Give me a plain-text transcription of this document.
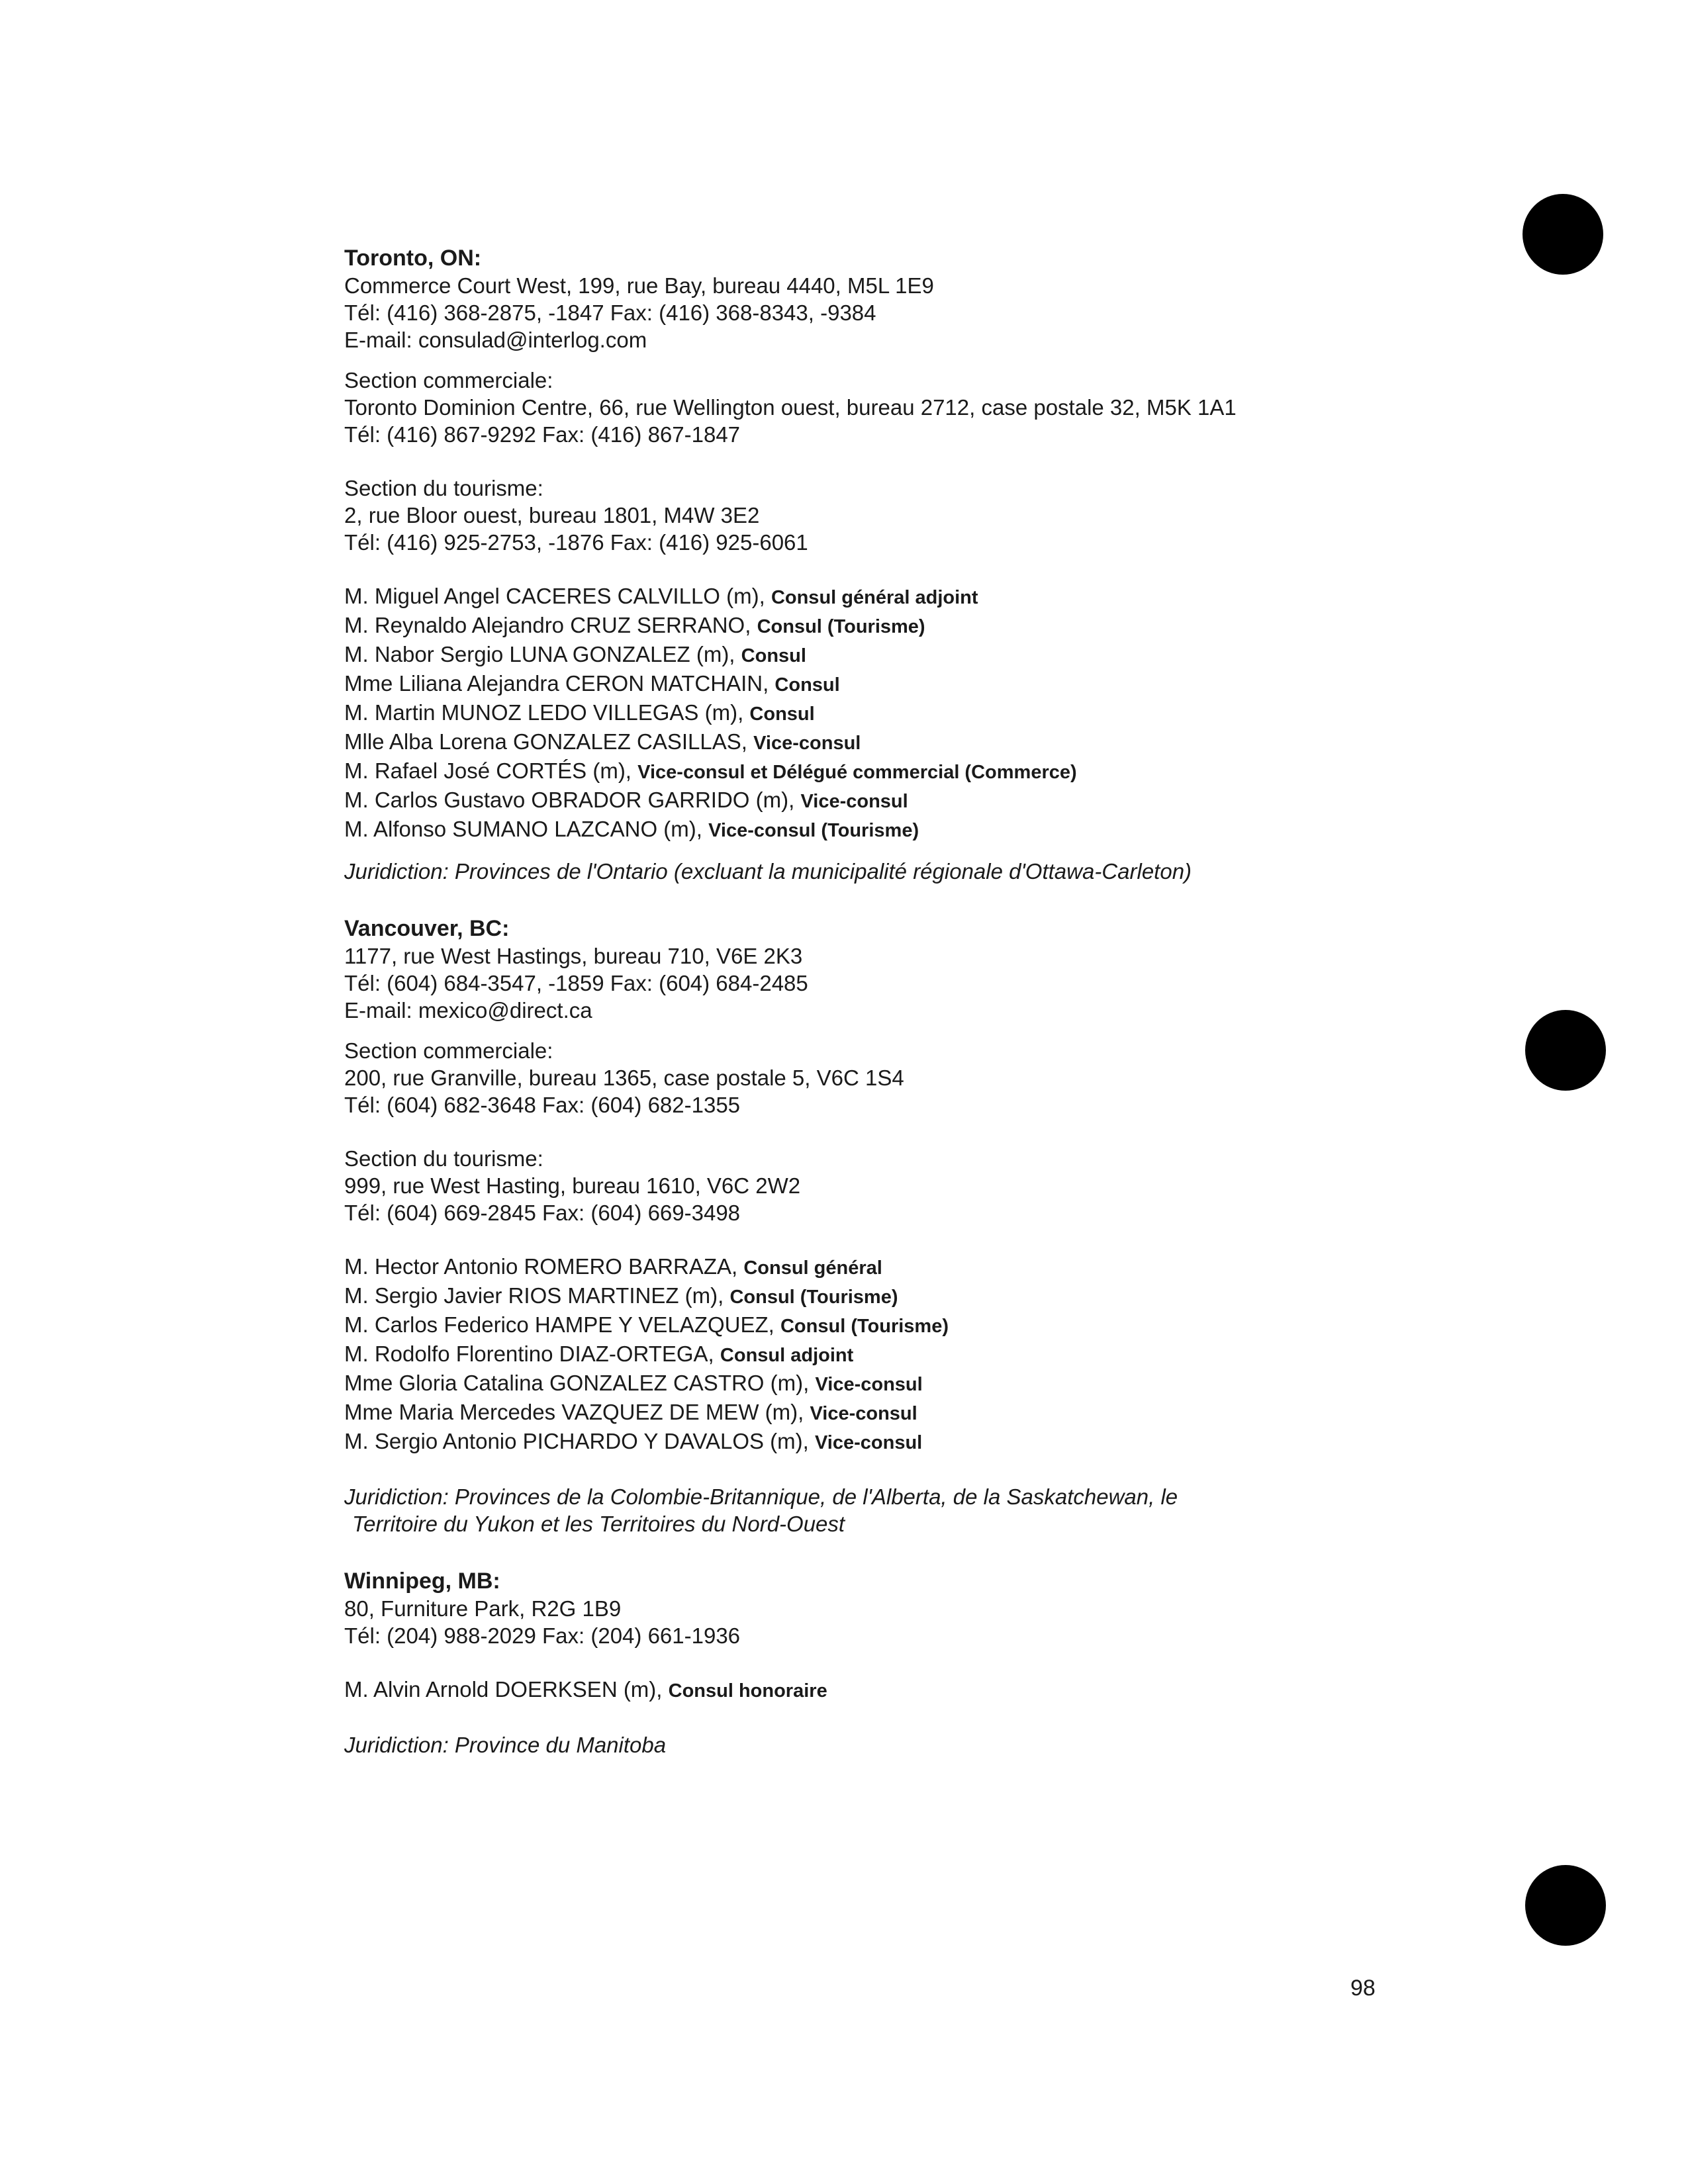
Toronto, ON:

Commerce Court West, 199, rue Bay, bureau 4440, M5L 1E9

Tél: (416) 368-2875, -1847 Fax: (416) 368-8343, -9384

E-mail: consulad@interlog.com

Section commerciale:

Toronto Dominion Centre, 66, rue Wellington ouest, bureau 2712, case postale 32, M5K 1A1

Tél: (416) 867-9292 Fax: (416) 867-1847

Section du tourisme:

2, rue Bloor ouest, bureau 1801, M4W 3E2

Tél: (416) 925-2753, -1876 Fax: (416) 925-6061

M. Miguel Angel CACERES CALVILLO (m), Consul général adjoint

M. Reynaldo Alejandro CRUZ SERRANO, Consul (Tourisme)

M. Nabor Sergio LUNA GONZALEZ (m), Consul

Mme Liliana Alejandra CERON MATCHAIN, Consul

M. Martin MUNOZ LEDO VILLEGAS (m), Consul

Mlle Alba Lorena GONZALEZ CASILLAS, Vice-consul

M. Rafael José CORTÉS (m), Vice-consul et Délégué commercial (Commerce)

M. Carlos Gustavo OBRADOR GARRIDO (m), Vice-consul

M. Alfonso SUMANO LAZCANO (m), Vice-consul (Tourisme)

Juridiction: Provinces de l'Ontario (excluant la municipalité régionale d'Ottawa-Carleton)

Vancouver, BC:

1177, rue West Hastings, bureau 710, V6E 2K3

Tél: (604) 684-3547, -1859 Fax: (604) 684-2485

E-mail: mexico@direct.ca

Section commerciale:

200, rue Granville, bureau 1365, case postale 5, V6C 1S4

Tél: (604) 682-3648 Fax: (604) 682-1355

Section du tourisme:

999, rue West Hasting, bureau 1610, V6C 2W2

Tél: (604) 669-2845 Fax: (604) 669-3498

M. Hector Antonio ROMERO BARRAZA, Consul général

M. Sergio Javier RIOS MARTINEZ (m), Consul (Tourisme)

M. Carlos Federico HAMPE Y VELAZQUEZ, Consul (Tourisme)

M. Rodolfo Florentino DIAZ-ORTEGA, Consul adjoint

Mme Gloria Catalina GONZALEZ CASTRO (m), Vice-consul

Mme Maria Mercedes VAZQUEZ DE MEW (m), Vice-consul

M. Sergio Antonio PICHARDO Y DAVALOS (m), Vice-consul

Juridiction: Provinces de la Colombie-Britannique, de l'Alberta, de la Saskatchewan, le

Territoire du Yukon et les Territoires du Nord-Ouest

Winnipeg, MB:

80, Furniture Park, R2G 1B9

Tél: (204) 988-2029 Fax: (204) 661-1936

M. Alvin Arnold DOERKSEN (m), Consul honoraire

Juridiction: Province du Manitoba

98
